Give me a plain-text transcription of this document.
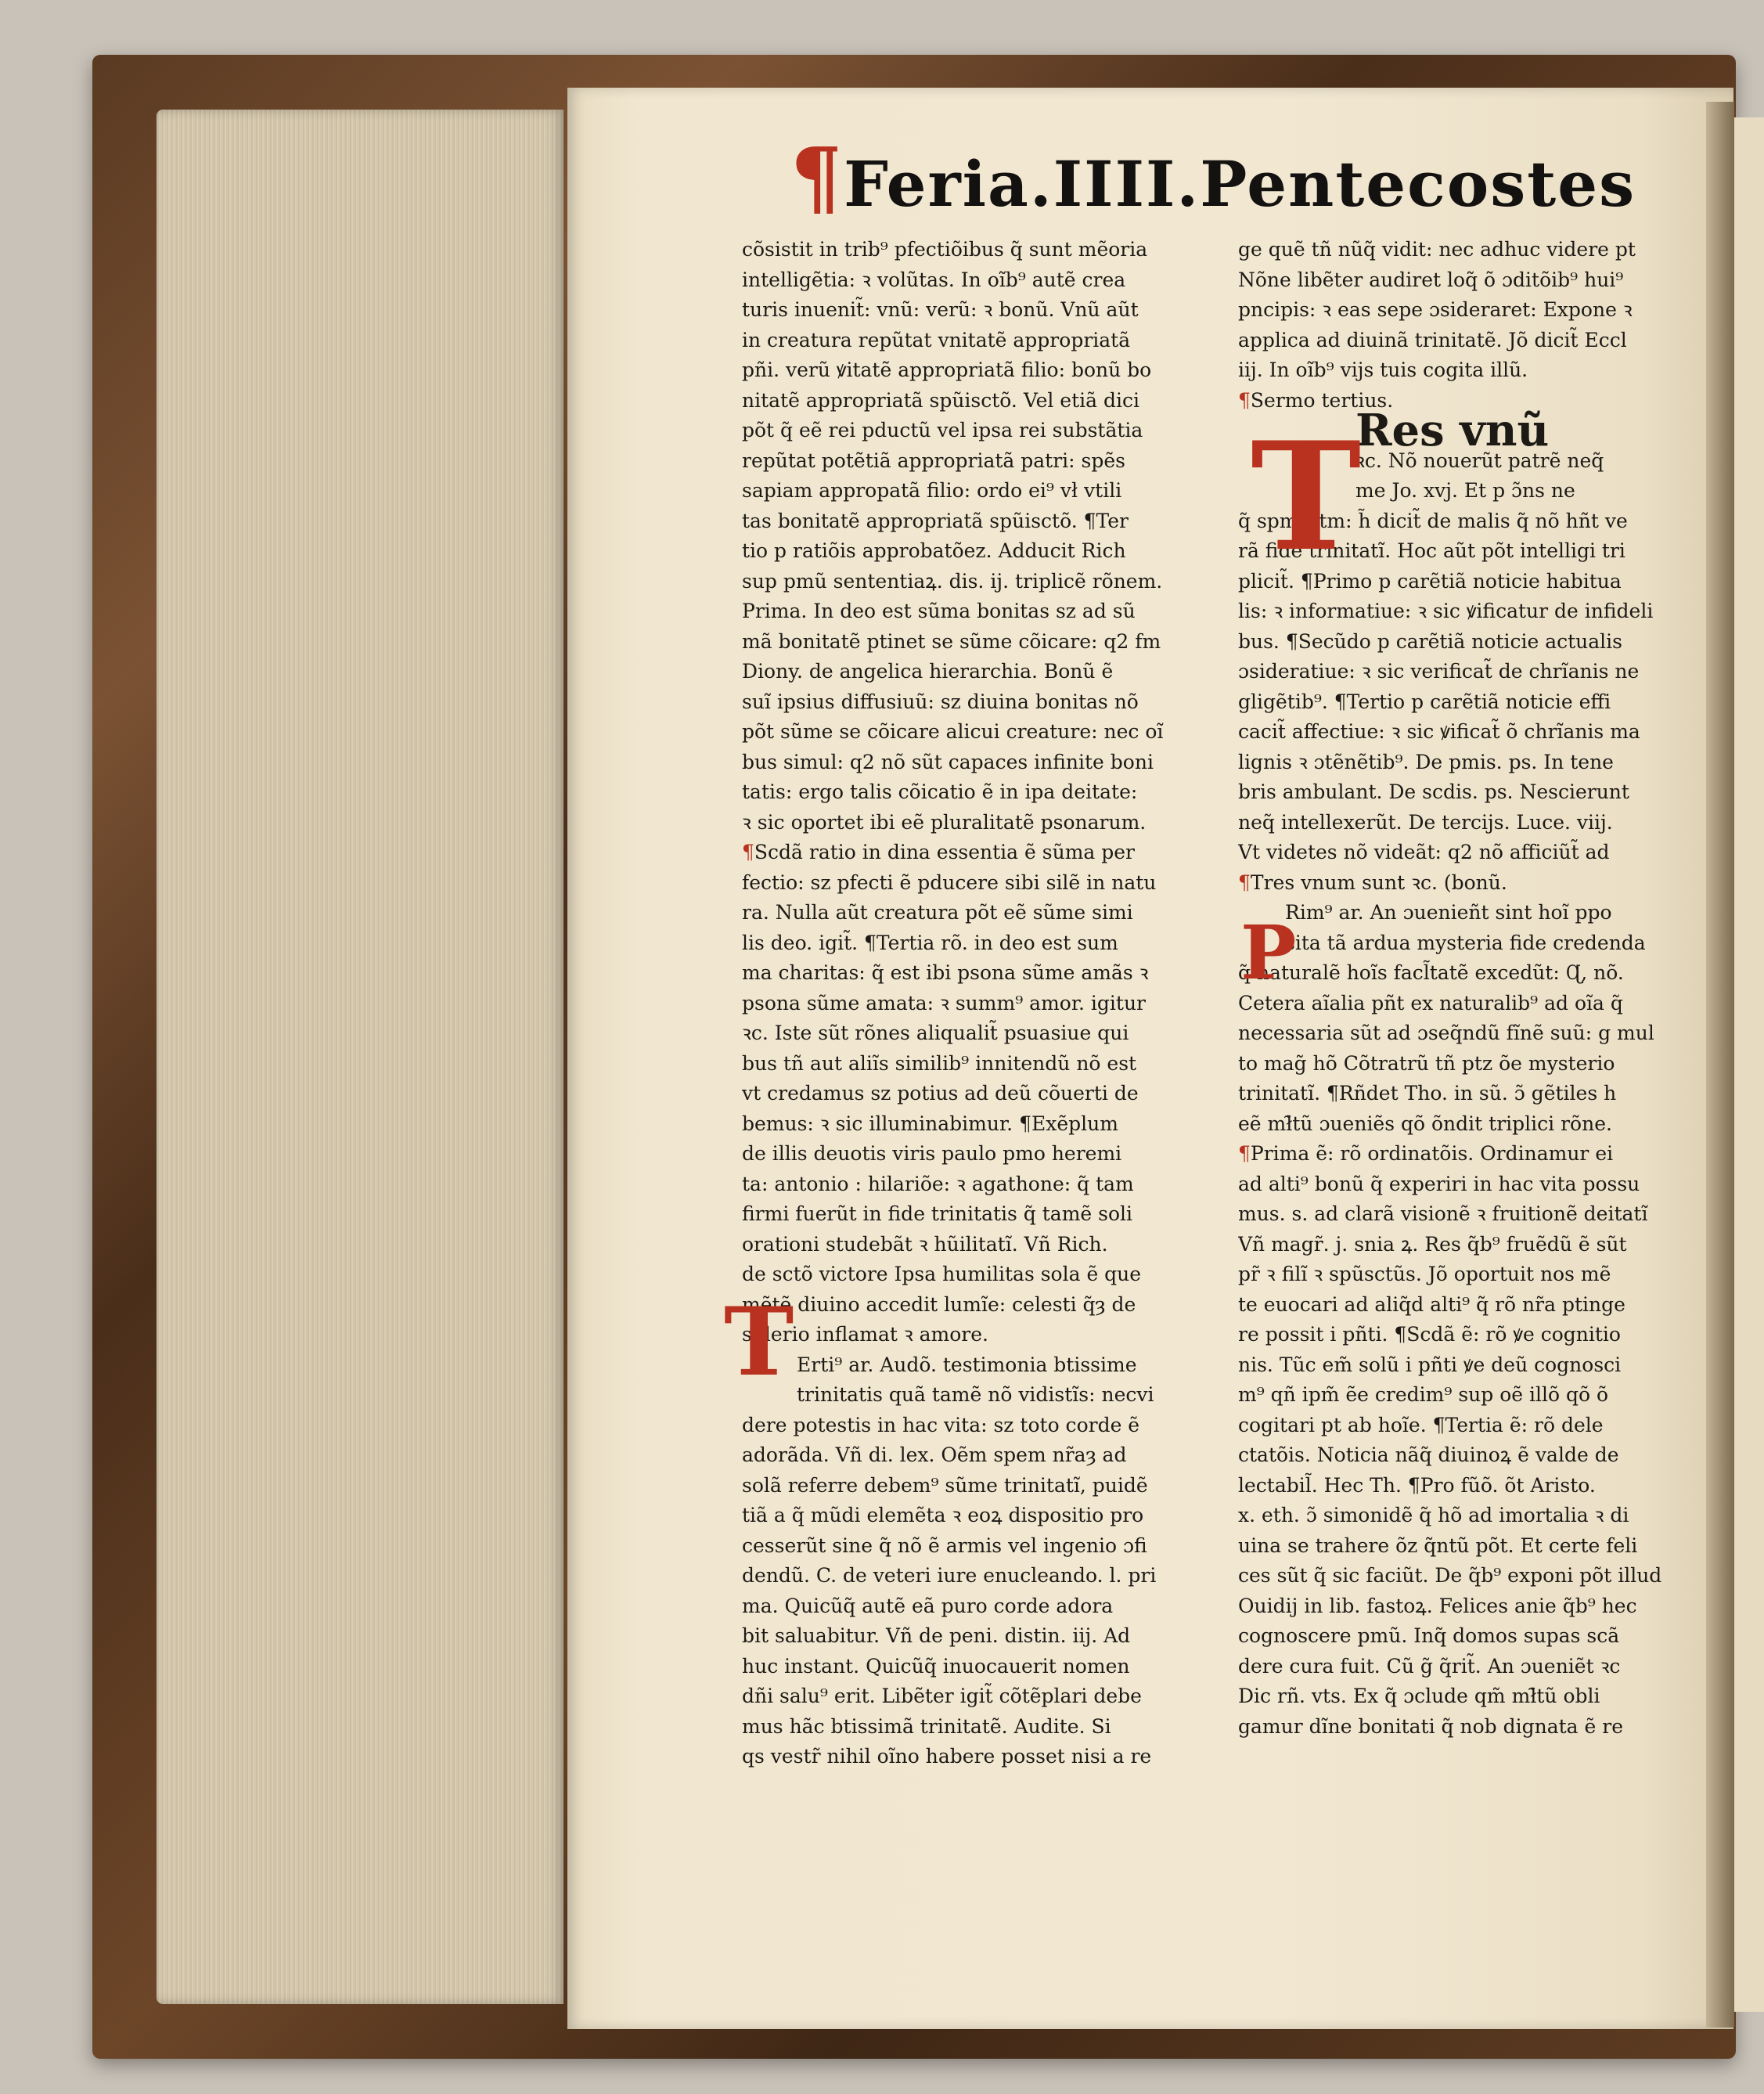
¶Feria.IIII.Pentecostes
cõsistit in trib⁹ pfectiõibus q̃ sunt mẽoria
intelligẽtia: ꝛ volũtas. In oĩb⁹ autẽ crea
turis inuenit̃: vnũ: verũ: ꝛ bonũ. Vnũ aũt
in creatura repũtat vnitatẽ appropriatã
pñi. verũ ꝟitatẽ appropriatã filio: bonũ bo
nitatẽ appropriatã spũisctõ. Vel etiã dici
põt q̃ eẽ rei pductũ vel ipsa rei substãtia
repũtat potẽtiã appropriatã patri: spẽs
sapiam appropatã filio: ordo ei⁹ vł vtili
tas bonitatẽ appropriatã spũisctõ. ¶Ter
tio p ratiõis approbatõez. Adducit Rich
sup pmũ sententiaꝝ. dis. ij. triplicẽ rõnem.
Prima. In deo est sũma bonitas sz ad sũ
mã bonitatẽ ptinet se sũme cõicare: q2 fm
Diony. de angelica hierarchia. Bonũ ẽ
suĩ ipsius diffusiuũ: sz diuina bonitas nõ
põt sũme se cõicare alicui creature: nec oĩ
bus simul: q2 nõ sũt capaces infinite boni
tatis: ergo talis cõicatio ẽ in ipa deitate:
ꝛ sic oportet ibi eẽ pluralitatẽ psonarum.
¶Scdã ratio in dina essentia ẽ sũma per
fectio: sz pfecti ẽ pducere sibi silẽ in natu
ra. Nulla aũt creatura põt eẽ sũme simi
lis deo. igit̃. ¶Tertia rõ. in deo est sum
ma charitas: q̃ est ibi psona sũme amãs ꝛ
psona sũme amata: ꝛ summ⁹ amor. igitur
ꝛc. Iste sũt rõnes aliqualit̃ psuasiue qui
bus tñ aut aliĩs similib⁹ innitendũ nõ est
vt credamus sz potius ad deũ cõuerti de
bemus: ꝛ sic illuminabimur. ¶Exẽplum
de illis deuotis viris paulo pmo heremi
ta: antonio : hilariõe: ꝛ agathone: q̃ tam
firmi fuerũt in fide trinitatis q̃ tamẽ soli
orationi studebãt ꝛ hũilitatĩ. Vñ Rich.
de sctõ victore Ipsa humilitas sola ẽ que
mẽtẽ diuino accedit lumĩe: celesti q̃ȝ de
siderio inflamat ꝛ amore.
Erti⁹ ar. Audõ. testimonia btissime
trinitatis quã tamẽ nõ vidistĩs: necvi
dere potestis in hac vita: sz toto corde ẽ
adorãda. Vñ di. lex. Oẽm spem nr̃aȝ ad
solã referre debem⁹ sũme trinitatĩ, puidẽ
tiã a q̃ mũdi elemẽta ꝛ eoꝝ dispositio pro
cesserũt sine q̃ nõ ẽ armis vel ingenio ɔfi
dendũ. C. de veteri iure enucleando. l. pri
ma. Quicũq̃ autẽ eã puro corde adora
bit saluabitur. Vñ de peni. distin. iij. Ad
huc instant. Quicũq̃ inuocauerit nomen
dñi salu⁹ erit. Libẽter igit̃ cõtẽplari debe
mus hãc btissimã trinitatẽ. Audite. Si
qs vestr̃ nihil oĩno habere posset nisi a re
ge quẽ tñ nũq̃ vidit: nec adhuc videre pt
Nõne libẽter audiret loq̃ õ ɔditõib⁹ hui⁹
pncipis: ꝛ eas sepe ɔsideraret: Expone ꝛ
applica ad diuinã trinitatẽ. Jõ dicit̃ Eccl
iij. In oĩb⁹ vijs tuis cogita illũ.
¶Sermo tertius.
Res vnũ
ꝛc. Nõ nouerũt patrẽ neq̃
me Jo. xvj. Et p ɔ̃ns ne
q̃ spmsctm: h̃ dicit̃ de malis q̃ nõ hñt ve
rã fidẽ trinitatĩ. Hoc aũt põt intelligi tri
plicit̃. ¶Primo p carẽtiã noticie habitua
lis: ꝛ informatiue: ꝛ sic ꝟificatur de infideli
bus. ¶Secũdo p carẽtiã noticie actualis
ɔsideratiue: ꝛ sic verificat̃ de chrĩanis ne
gligẽtib⁹. ¶Tertio p carẽtiã noticie effi
cacit̃ affectiue: ꝛ sic ꝟificat̃ õ chrĩanis ma
lignis ꝛ ɔtẽnẽtib⁹. De pmis. ps. In tene
bris ambulant. De scdis. ps. Nescierunt
neq̃ intellexerũt. De tercijs. Luce. viij.
Vt videtes nõ videãt: q2 nõ afficiũt̃ ad
¶Tres vnum sunt ꝛc. (bonũ.
Rim⁹ ar. An ɔuenieñt sint hoĩ ppo
sita tã ardua mysteria fide credenda
q̃ naturalẽ hoĩs facl̃tatẽ excedũt: Ɋ, nõ.
Cetera aĩalia pñt ex naturalib⁹ ad oĩa q̃
necessaria sũt ad ɔseq̃ndũ fĩnẽ suũ: g mul
to mag̃ hõ Cõtratrũ tñ ptz õe mysterio
trinitatĩ. ¶Rñdet Tho. in sũ. ɔ̃ gẽtiles h
eẽ mł̃tũ ɔueniẽs qõ õndit triplici rõne.
¶Prima ẽ: rõ ordinatõis. Ordinamur ei
ad alti⁹ bonũ q̃ experiri in hac vita possu
mus. s. ad clarã visionẽ ꝛ fruitionẽ deitatĩ
Vñ magr̃. j. snia ꝝ. Res q̃b⁹ fruẽdũ ẽ sũt
pr̃ ꝛ filĩ ꝛ spũsctũs. Jõ oportuit nos mẽ
te euocari ad aliq̃d alti⁹ q̃ rõ nr̃a ptinge
re possit i pñti. ¶Scdã ẽ: rõ ꝟe cognitio
nis. Tũc em̃ solũ i pñti ꝟe deũ cognosci
m⁹ qñ ipm̃ ẽe credim⁹ sup oẽ illõ qõ õ
cogitari pt ab hoĩe. ¶Tertia ẽ: rõ dele
ctatõis. Noticia nãq̃ diuinoꝝ ẽ valde de
lectabil̃. Hec Th. ¶Pro fũõ. õt Aristo.
x. eth. ɔ̃ simonidẽ q̃ hõ ad imortalia ꝛ di
uina se trahere õz q̃ntũ põt. Et certe feli
ces sũt q̃ sic faciũt. De q̃b⁹ exponi põt illud
Ouidij in lib. fastoꝝ. Felices anie q̃b⁹ hec
cognoscere pmũ. Inq̃ domos supas scã
dere cura fuit. Cũ g̃ q̃rit̃. An ɔueniẽt ꝛc
Dic rñ. vts. Ex q̃ ɔclude qm̃ mł̃tũ obli
gamur dĩne bonitati q̃ nob dignata ẽ re
T
T
P
